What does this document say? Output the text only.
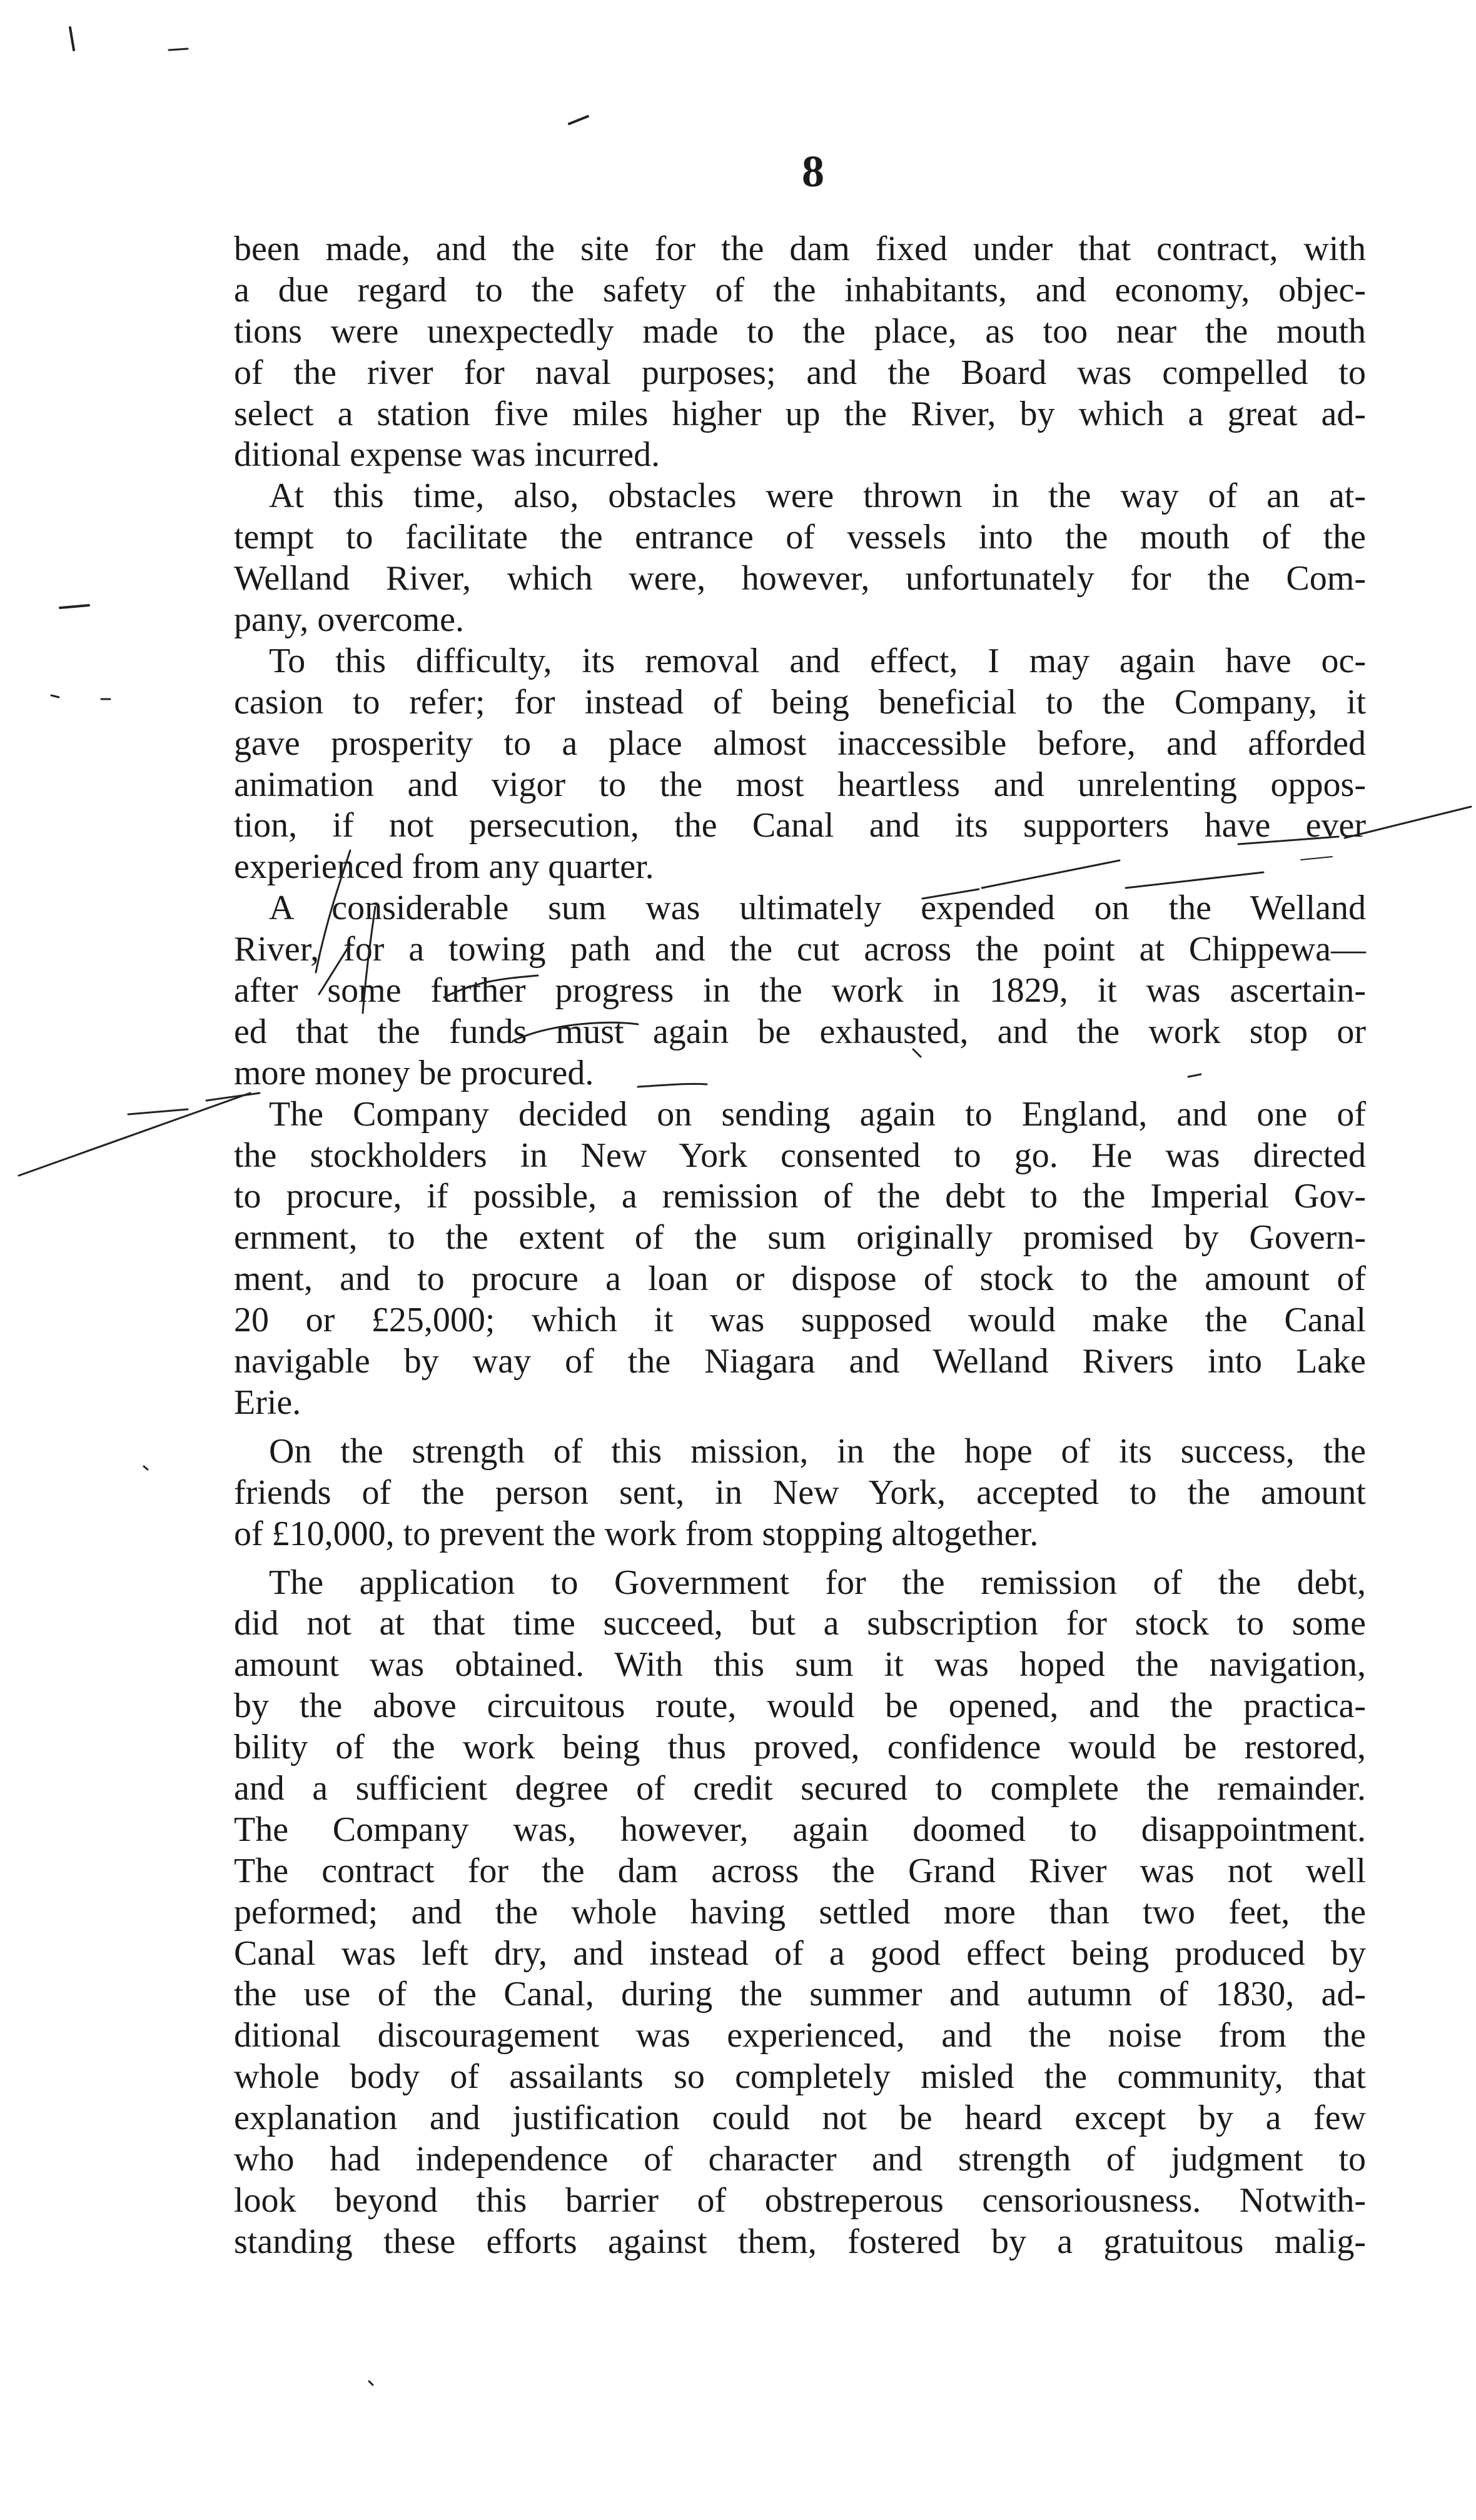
8
been made, and the site for the dam fixed under that contract, with
a due regard to the safety of the inhabitants, and economy, objec-
tions were unexpectedly made to the place, as too near the mouth
of the river for naval purposes; and the Board was compelled to
select a station five miles higher up the River, by which a great ad-
ditional expense was incurred.
At this time, also, obstacles were thrown in the way of an at-
tempt to facilitate the entrance of vessels into the mouth of the
Welland River, which were, however, unfortunately for the Com-
pany, overcome.
To this difficulty, its removal and effect, I may again have oc-
casion to refer; for instead of being beneficial to the Company, it
gave prosperity to a place almost inaccessible before, and afforded
animation and vigor to the most heartless and unrelenting oppos-
tion, if not persecution, the Canal and its supporters have ever
experienced from any quarter.
A considerable sum was ultimately expended on the Welland
River, for a towing path and the cut across the point at Chippewa—
after some further progress in the work in 1829, it was ascertain-
ed that the funds must again be exhausted, and the work stop or
more money be procured.
The Company decided on sending again to England, and one of
the stockholders in New York consented to go. He was directed
to procure, if possible, a remission of the debt to the Imperial Gov-
ernment, to the extent of the sum originally promised by Govern-
ment, and to procure a loan or dispose of stock to the amount of
20 or £25,000; which it was supposed would make the Canal
navigable by way of the Niagara and Welland Rivers into Lake
Erie.
On the strength of this mission, in the hope of its success, the
friends of the person sent, in New York, accepted to the amount
of £10,000, to prevent the work from stopping altogether.
The application to Government for the remission of the debt,
did not at that time succeed, but a subscription for stock to some
amount was obtained. With this sum it was hoped the navigation,
by the above circuitous route, would be opened, and the practica-
bility of the work being thus proved, confidence would be restored,
and a sufficient degree of credit secured to complete the remainder.
The Company was, however, again doomed to disappointment.
The contract for the dam across the Grand River was not well
peformed; and the whole having settled more than two feet, the
Canal was left dry, and instead of a good effect being produced by
the use of the Canal, during the summer and autumn of 1830, ad-
ditional discouragement was experienced, and the noise from the
whole body of assailants so completely misled the community, that
explanation and justification could not be heard except by a few
who had independence of character and strength of judgment to
look beyond this barrier of obstreperous censoriousness. Notwith-
standing these efforts against them, fostered by a gratuitous malig-
